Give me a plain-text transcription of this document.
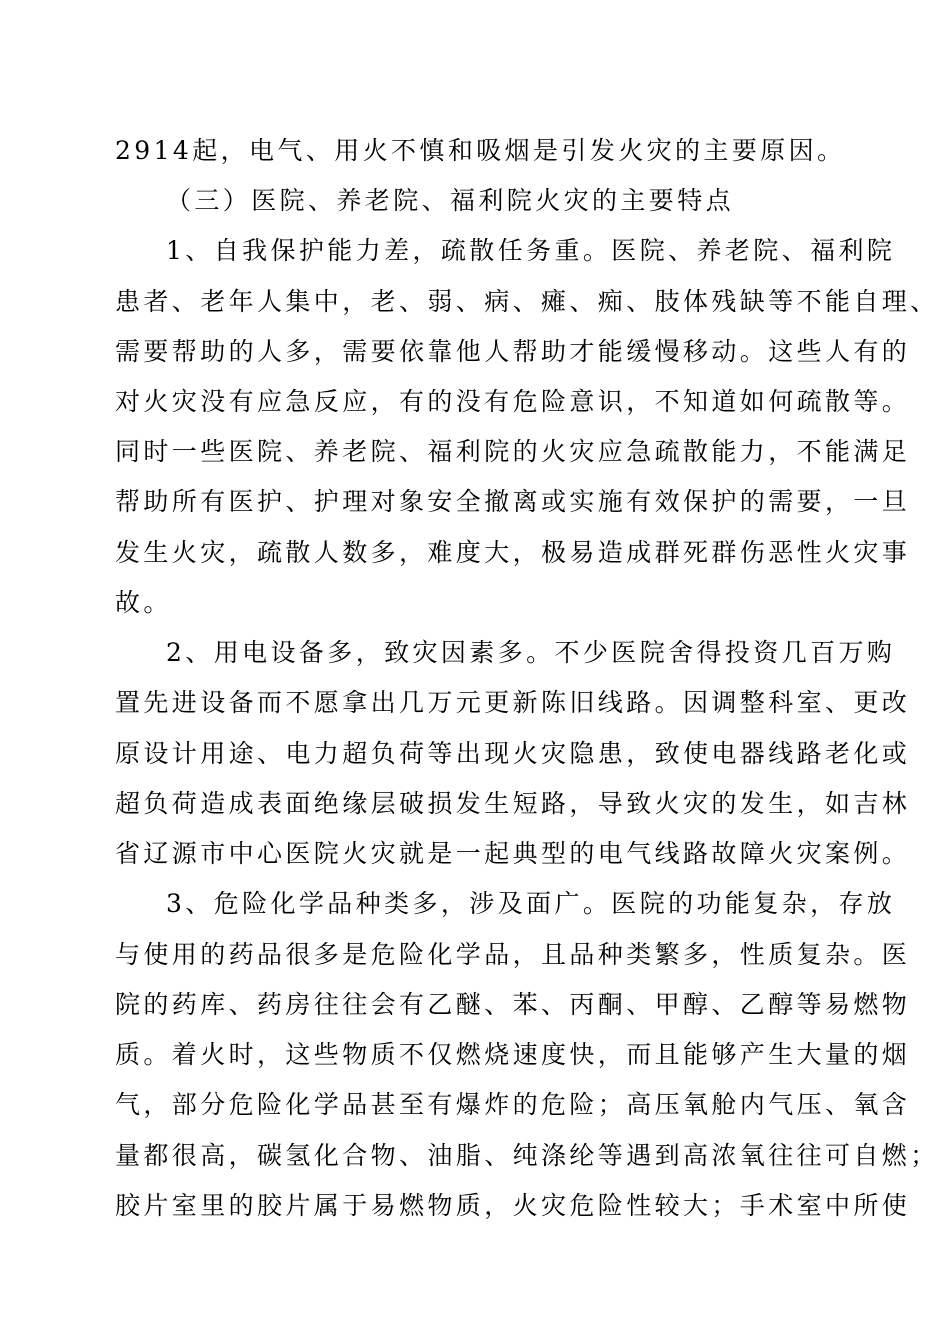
2914起，电气、用火不慎和吸烟是引发火灾的主要原因。
（三）医院、养老院、福利院火灾的主要特点
1、自我保护能力差，疏散任务重。医院、养老院、福利院
患者、老年人集中，老、弱、病、瘫、痴、肢体残缺等不能自理、
需要帮助的人多，需要依靠他人帮助才能缓慢移动。这些人有的
对火灾没有应急反应，有的没有危险意识，不知道如何疏散等。
同时一些医院、养老院、福利院的火灾应急疏散能力，不能满足
帮助所有医护、护理对象安全撤离或实施有效保护的需要，一旦
发生火灾，疏散人数多，难度大，极易造成群死群伤恶性火灾事
故。
2、用电设备多，致灾因素多。不少医院舍得投资几百万购
置先进设备而不愿拿出几万元更新陈旧线路。因调整科室、更改
原设计用途、电力超负荷等出现火灾隐患，致使电器线路老化或
超负荷造成表面绝缘层破损发生短路，导致火灾的发生，如吉林
省辽源市中心医院火灾就是一起典型的电气线路故障火灾案例。
3、危险化学品种类多，涉及面广。医院的功能复杂，存放
与使用的药品很多是危险化学品，且品种类繁多，性质复杂。医
院的药库、药房往往会有乙醚、苯、丙酮、甲醇、乙醇等易燃物
质。着火时，这些物质不仅燃烧速度快，而且能够产生大量的烟
气，部分危险化学品甚至有爆炸的危险；高压氧舱内气压、氧含
量都很高，碳氢化合物、油脂、纯涤纶等遇到高浓氧往往可自燃；
胶片室里的胶片属于易燃物质，火灾危险性较大；手术室中所使
